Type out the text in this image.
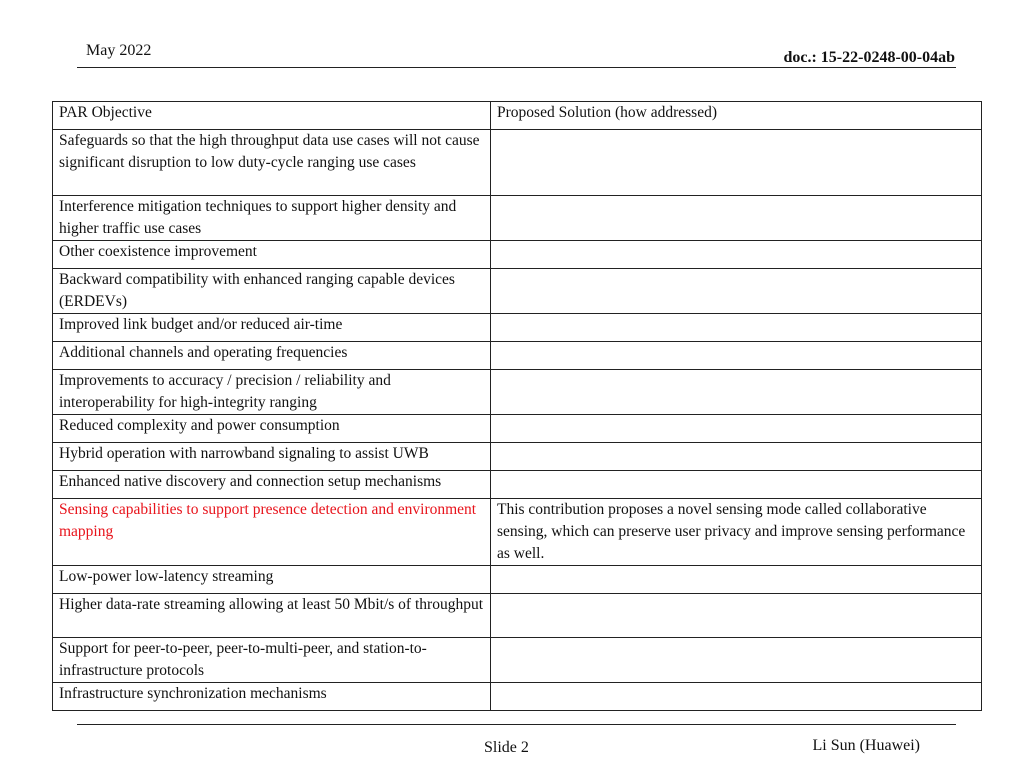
May 2022	doc.: 15-22-0248-00-04ab
PAR Objective	Proposed Solution (how addressed)
Safeguards so that the high throughput data use cases will not cause significant disruption to low duty-cycle ranging use cases	
Interference mitigation techniques to support higher density and higher traffic use cases	
Other coexistence improvement	
Backward compatibility with enhanced ranging capable devices (ERDEVs)	
Improved link budget and/or reduced air-time	
Additional channels and operating frequencies	
Improvements to accuracy / precision / reliability and interoperability for high-integrity ranging	
Reduced complexity and power consumption	
Hybrid operation with narrowband signaling to assist UWB	
Enhanced native discovery and connection setup mechanisms	
Sensing capabilities to support presence detection and environment mapping	This contribution proposes a novel sensing mode called collaborative sensing, which can preserve user privacy and improve sensing performance as well.
Low-power low-latency streaming	
Higher data-rate streaming allowing at least 50 Mbit/s of throughput	
Support for peer-to-peer, peer-to-multi-peer, and station-to-infrastructure protocols	
Infrastructure synchronization mechanisms	
Slide 2	Li Sun (Huawei)
